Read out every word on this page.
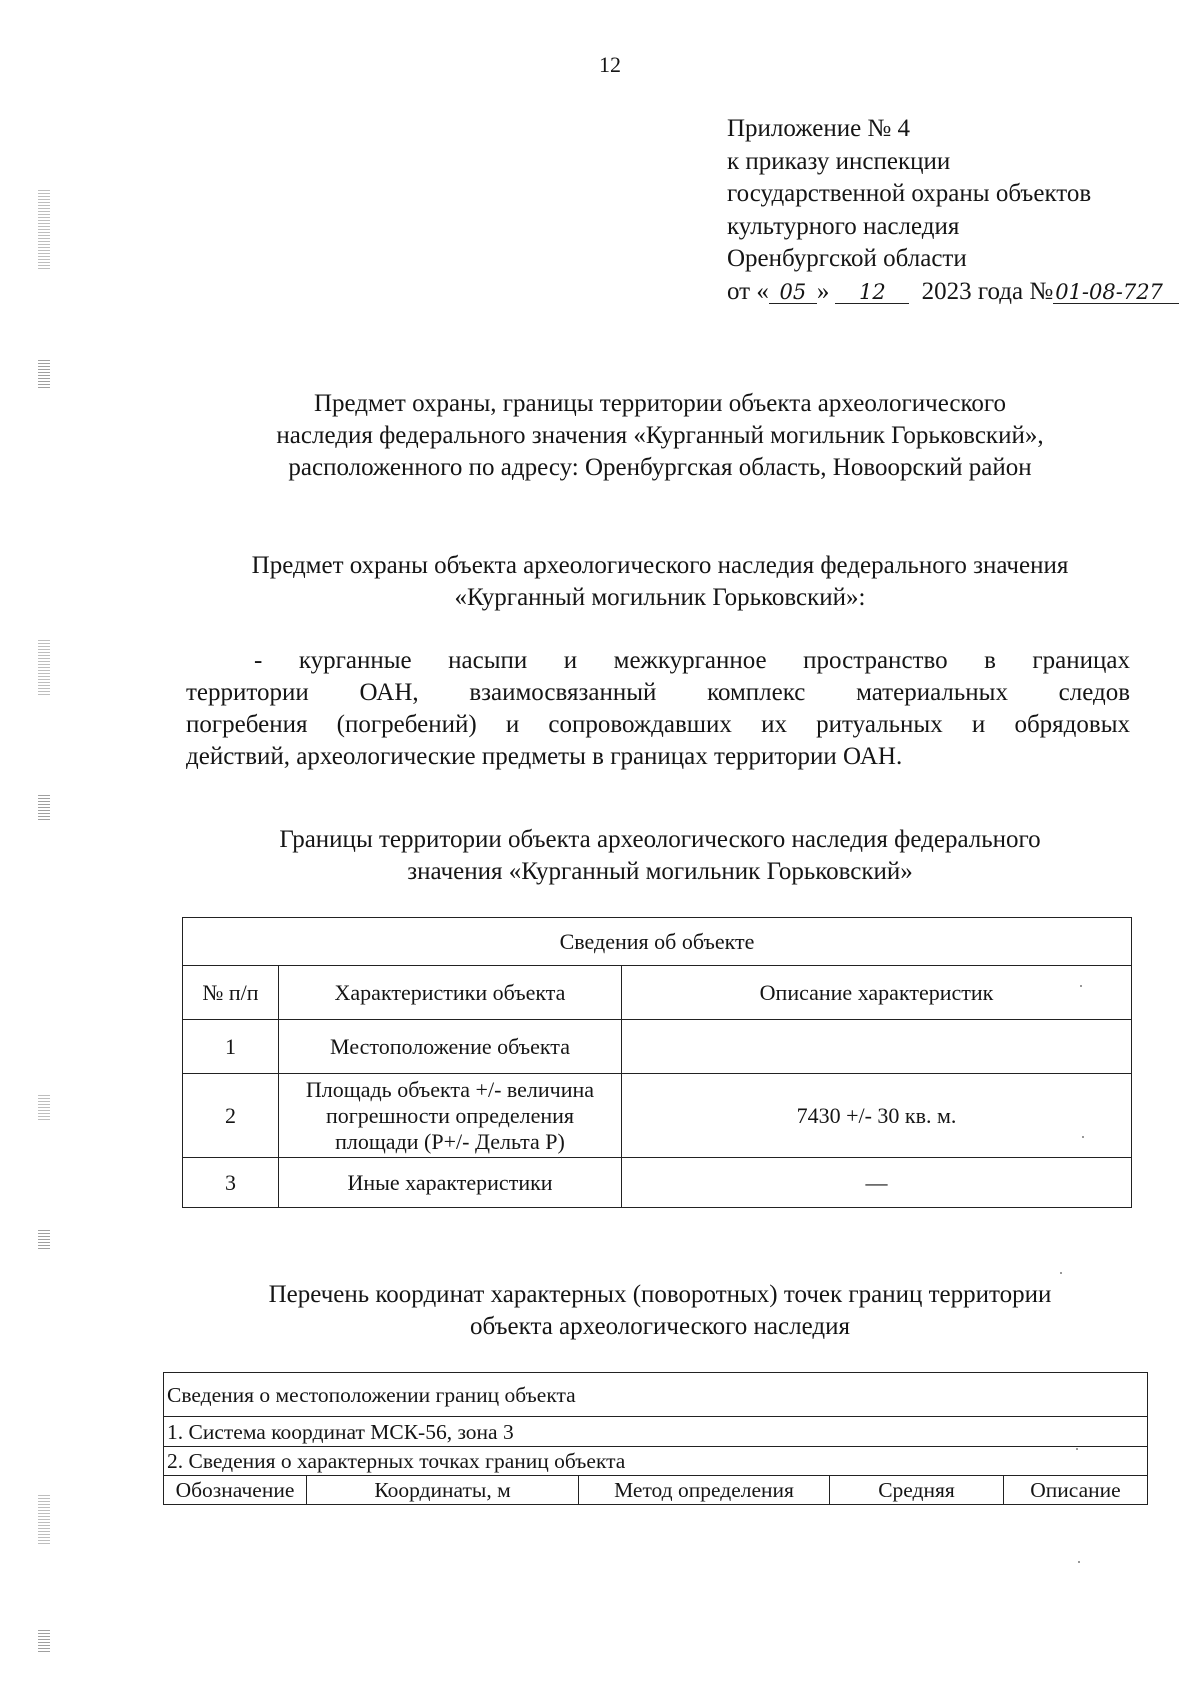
12
Приложение № 4
к приказу инспекции
государственной охраны объектов
культурного наследия
Оренбургской области
от « 05 » 12 2023 года №01-08-727
Предмет охраны, границы территории объекта археологического
наследия федерального значения «Курганный могильник Горьковский»,
расположенного по адресу: Оренбургская область, Новоорский район
Предмет охраны объекта археологического наследия федерального значения
«Курганный могильник Горьковский»:
- курганные насыпи и межкурганное пространство в границах
территории ОАН, взаимосвязанный комплекс материальных следов
погребения (погребений) и сопровождавших их ритуальных и обрядовых
действий, археологические предметы в границах территории ОАН.
Границы территории объекта археологического наследия федерального
значения «Курганный могильник Горьковский»
Сведения об объекте		
№ п/п	Характеристики объекта	Описание характеристик
1	Местоположение объекта	
2	Площадь объекта +/- величина погрешности определения площади (Р+/- Дельта Р)	7430 +/- 30 кв. м.
3	Иные характеристики	—
Перечень координат характерных (поворотных) точек границ территории
объекта археологического наследия
Сведения о местоположении границ объекта
1. Система координат МСК-56, зона 3
2. Сведения о характерных точках границ объекта
Обозначение	Координаты, м	Метод определения	Средняя	Описание
